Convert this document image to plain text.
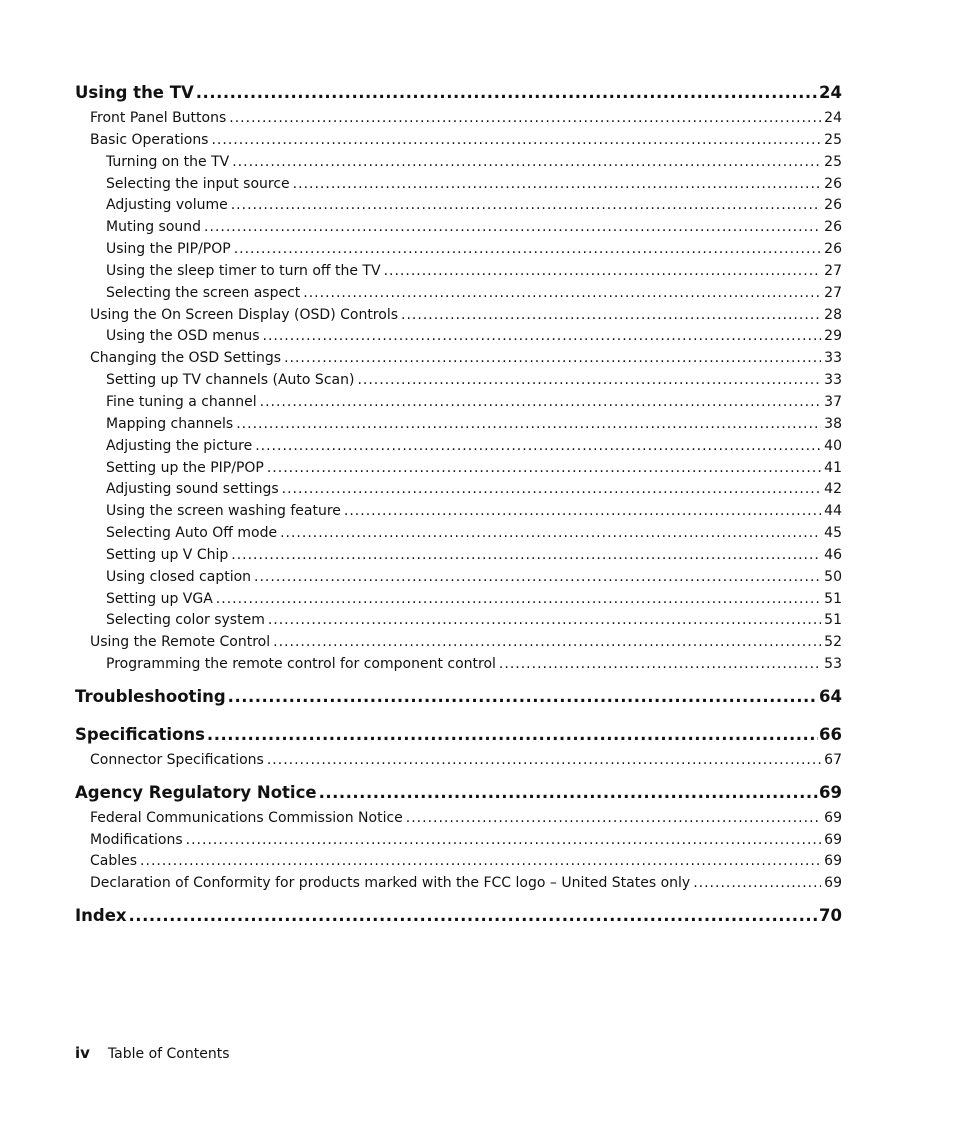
Using the TV .....	24
Front Panel Buttons .....	24
Basic Operations .....	25
Turning on the TV .....	25
Selecting the input source .....	26
Adjusting volume .....	26
Muting sound .....	26
Using the PIP/POP .....	26
Using the sleep timer to turn off the TV .....	27
Selecting the screen aspect .....	27
Using the On Screen Display (OSD) Controls .....	28
Using the OSD menus .....	29
Changing the OSD Settings .....	33
Setting up TV channels (Auto Scan) .....	33
Fine tuning a channel .....	37
Mapping channels .....	38
Adjusting the picture .....	40
Setting up the PIP/POP .....	41
Adjusting sound settings .....	42
Using the screen washing feature .....	44
Selecting Auto Off mode .....	45
Setting up V Chip .....	46
Using closed caption .....	50
Setting up VGA .....	51
Selecting color system .....	51
Using the Remote Control .....	52
Programming the remote control for component control .....	53
Troubleshooting .....	64
Specifications .....	66
Connector Specifications .....	67
Agency Regulatory Notice .....	69
Federal Communications Commission Notice .....	69
Modifications .....	69
Cables .....	69
Declaration of Conformity for products marked with the FCC logo – United States only .....	69
Index .....	70
iv Table of Contents
